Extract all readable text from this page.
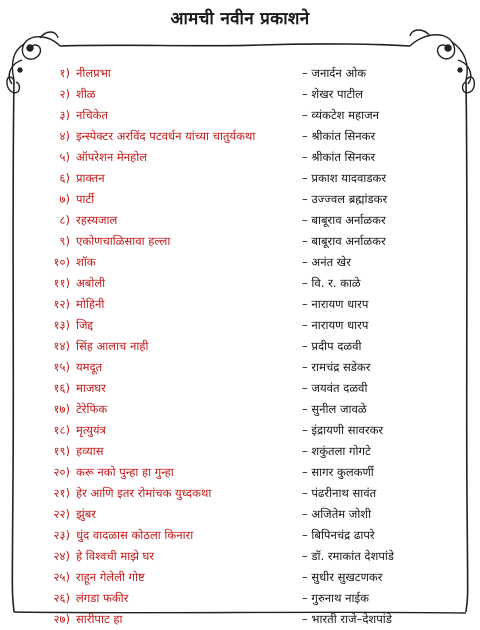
आमची नवीन प्रकाशने
१) नीलप्रभा	– जनार्दन ओक
२) शीळ	– शेखर पाटील
३) नचिकेत	– व्यंकटेश महाजन
४) इन्स्पेक्टर अरविंद पटवर्धन यांच्या चातुर्यकथा	– श्रीकांत सिनकर
५) ऑपरेशन मेनहोल	– श्रीकांत सिनकर
६) प्राक्तन	– प्रकाश यादवाडकर
७) पार्टी	– उज्ज्वल ब्रह्मांडकर
८) रहस्यजाल	– बाबूराव अर्नाळकर
९) एकोणचाळिसावा हल्ला	– बाबूराव अर्नाळकर
१०) शॉक	– अनंत खेर
११) अबोली	– वि. र. काळे
१२) मोहिनी	– नारायण धारप
१३) जिद्द	– नारायण धारप
१४) सिंह आलाच नाही	– प्रदीप दळवी
१५) यमदूत	– रामचंद्र सडेकर
१६) माजघर	– जयवंत दळवी
१७) टेरेफिक	– सुनील जावळे
१८) मृत्युयंत्र	– इंद्रायणी सावरकर
१९) हव्यास	– शकुंतला गोगटे
२०) करू नको पुन्हा हा गुन्हा	– सागर कुलकर्णी
२१) हेर आणि इतर रोमांचक युध्दकथा	– पंढरीनाथ सावंत
२२) झुंबर	– अजितेम जोशी
२३) धुंद वादळास कोठला किनारा	– बिपिनचंद्र ढापरे
२४) हे विश्वची माझे घर	– डॉ. रमाकांत देशपांडे
२५) राहून गेलेली गोष्ट	– सुधीर सुखटणकर
२६) लंगडा फकीर	– गुरुनाथ नाईक
२७) सारीपाट हा	– भारती राजे–देशपांडे
